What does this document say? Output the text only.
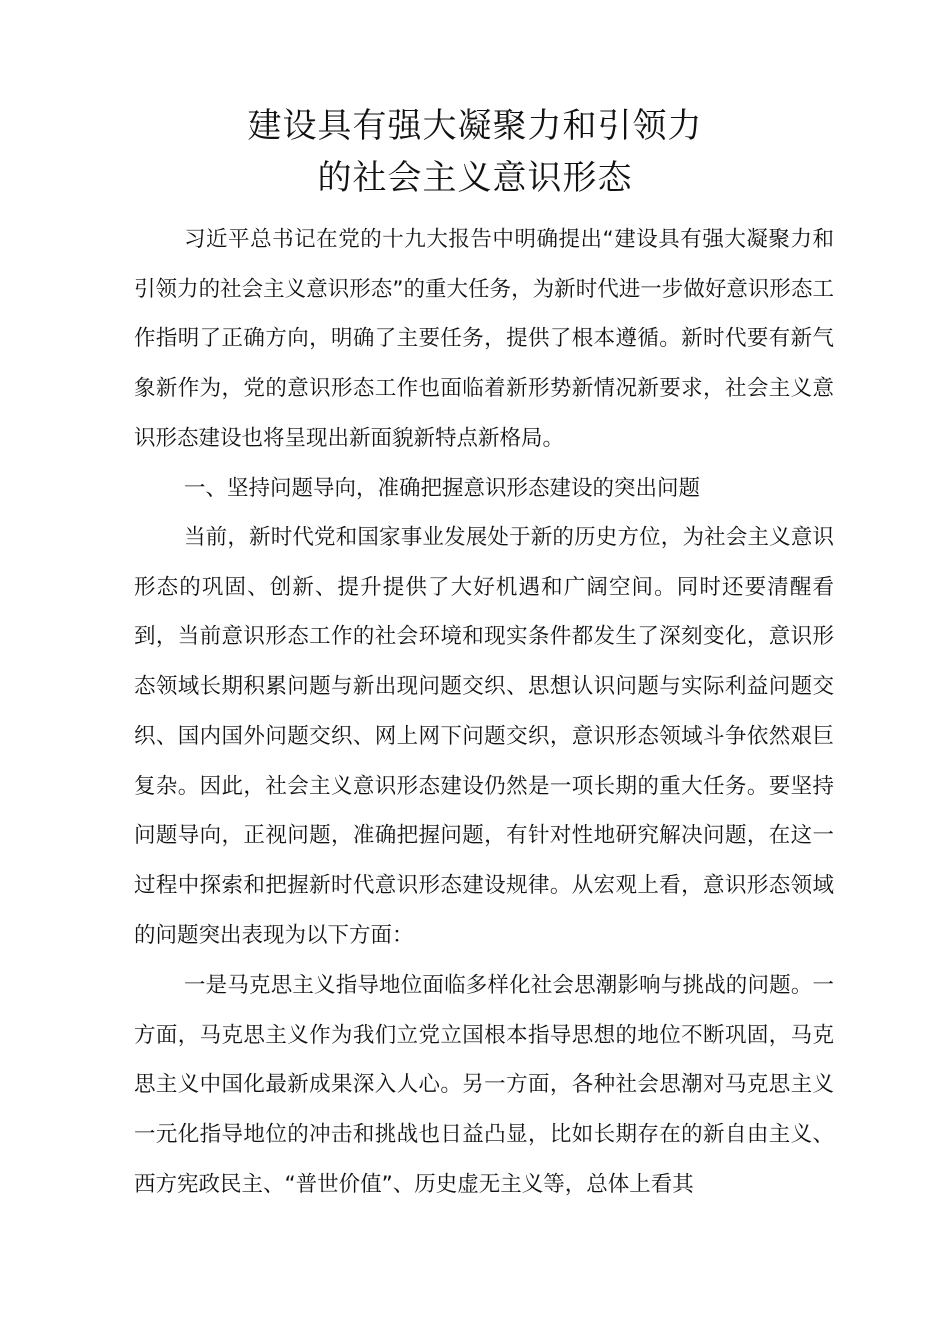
建设具有强大凝聚力和引领力
的社会主义意识形态

习近平总书记在党的十九大报告中明确提出“建设具有强大凝聚力和引领力的社会主义意识形态”的重大任务，为新时代进一步做好意识形态工作指明了正确方向，明确了主要任务，提供了根本遵循。新时代要有新气象新作为，党的意识形态工作也面临着新形势新情况新要求，社会主义意识形态建设也将呈现出新面貌新特点新格局。

一、坚持问题导向，准确把握意识形态建设的突出问题

当前，新时代党和国家事业发展处于新的历史方位，为社会主义意识形态的巩固、创新、提升提供了大好机遇和广阔空间。同时还要清醒看到，当前意识形态工作的社会环境和现实条件都发生了深刻变化，意识形态领域长期积累问题与新出现问题交织、思想认识问题与实际利益问题交织、国内国外问题交织、网上网下问题交织，意识形态领域斗争依然艰巨复杂。因此，社会主义意识形态建设仍然是一项长期的重大任务。要坚持问题导向，正视问题，准确把握问题，有针对性地研究解决问题，在这一过程中探索和把握新时代意识形态建设规律。从宏观上看，意识形态领域的问题突出表现为以下方面：

一是马克思主义指导地位面临多样化社会思潮影响与挑战的问题。一方面，马克思主义作为我们立党立国根本指导思想的地位不断巩固，马克思主义中国化最新成果深入人心。另一方面，各种社会思潮对马克思主义一元化指导地位的冲击和挑战也日益凸显，比如长期存在的新自由主义、西方宪政民主、“普世价值”、历史虚无主义等，总体上看其
